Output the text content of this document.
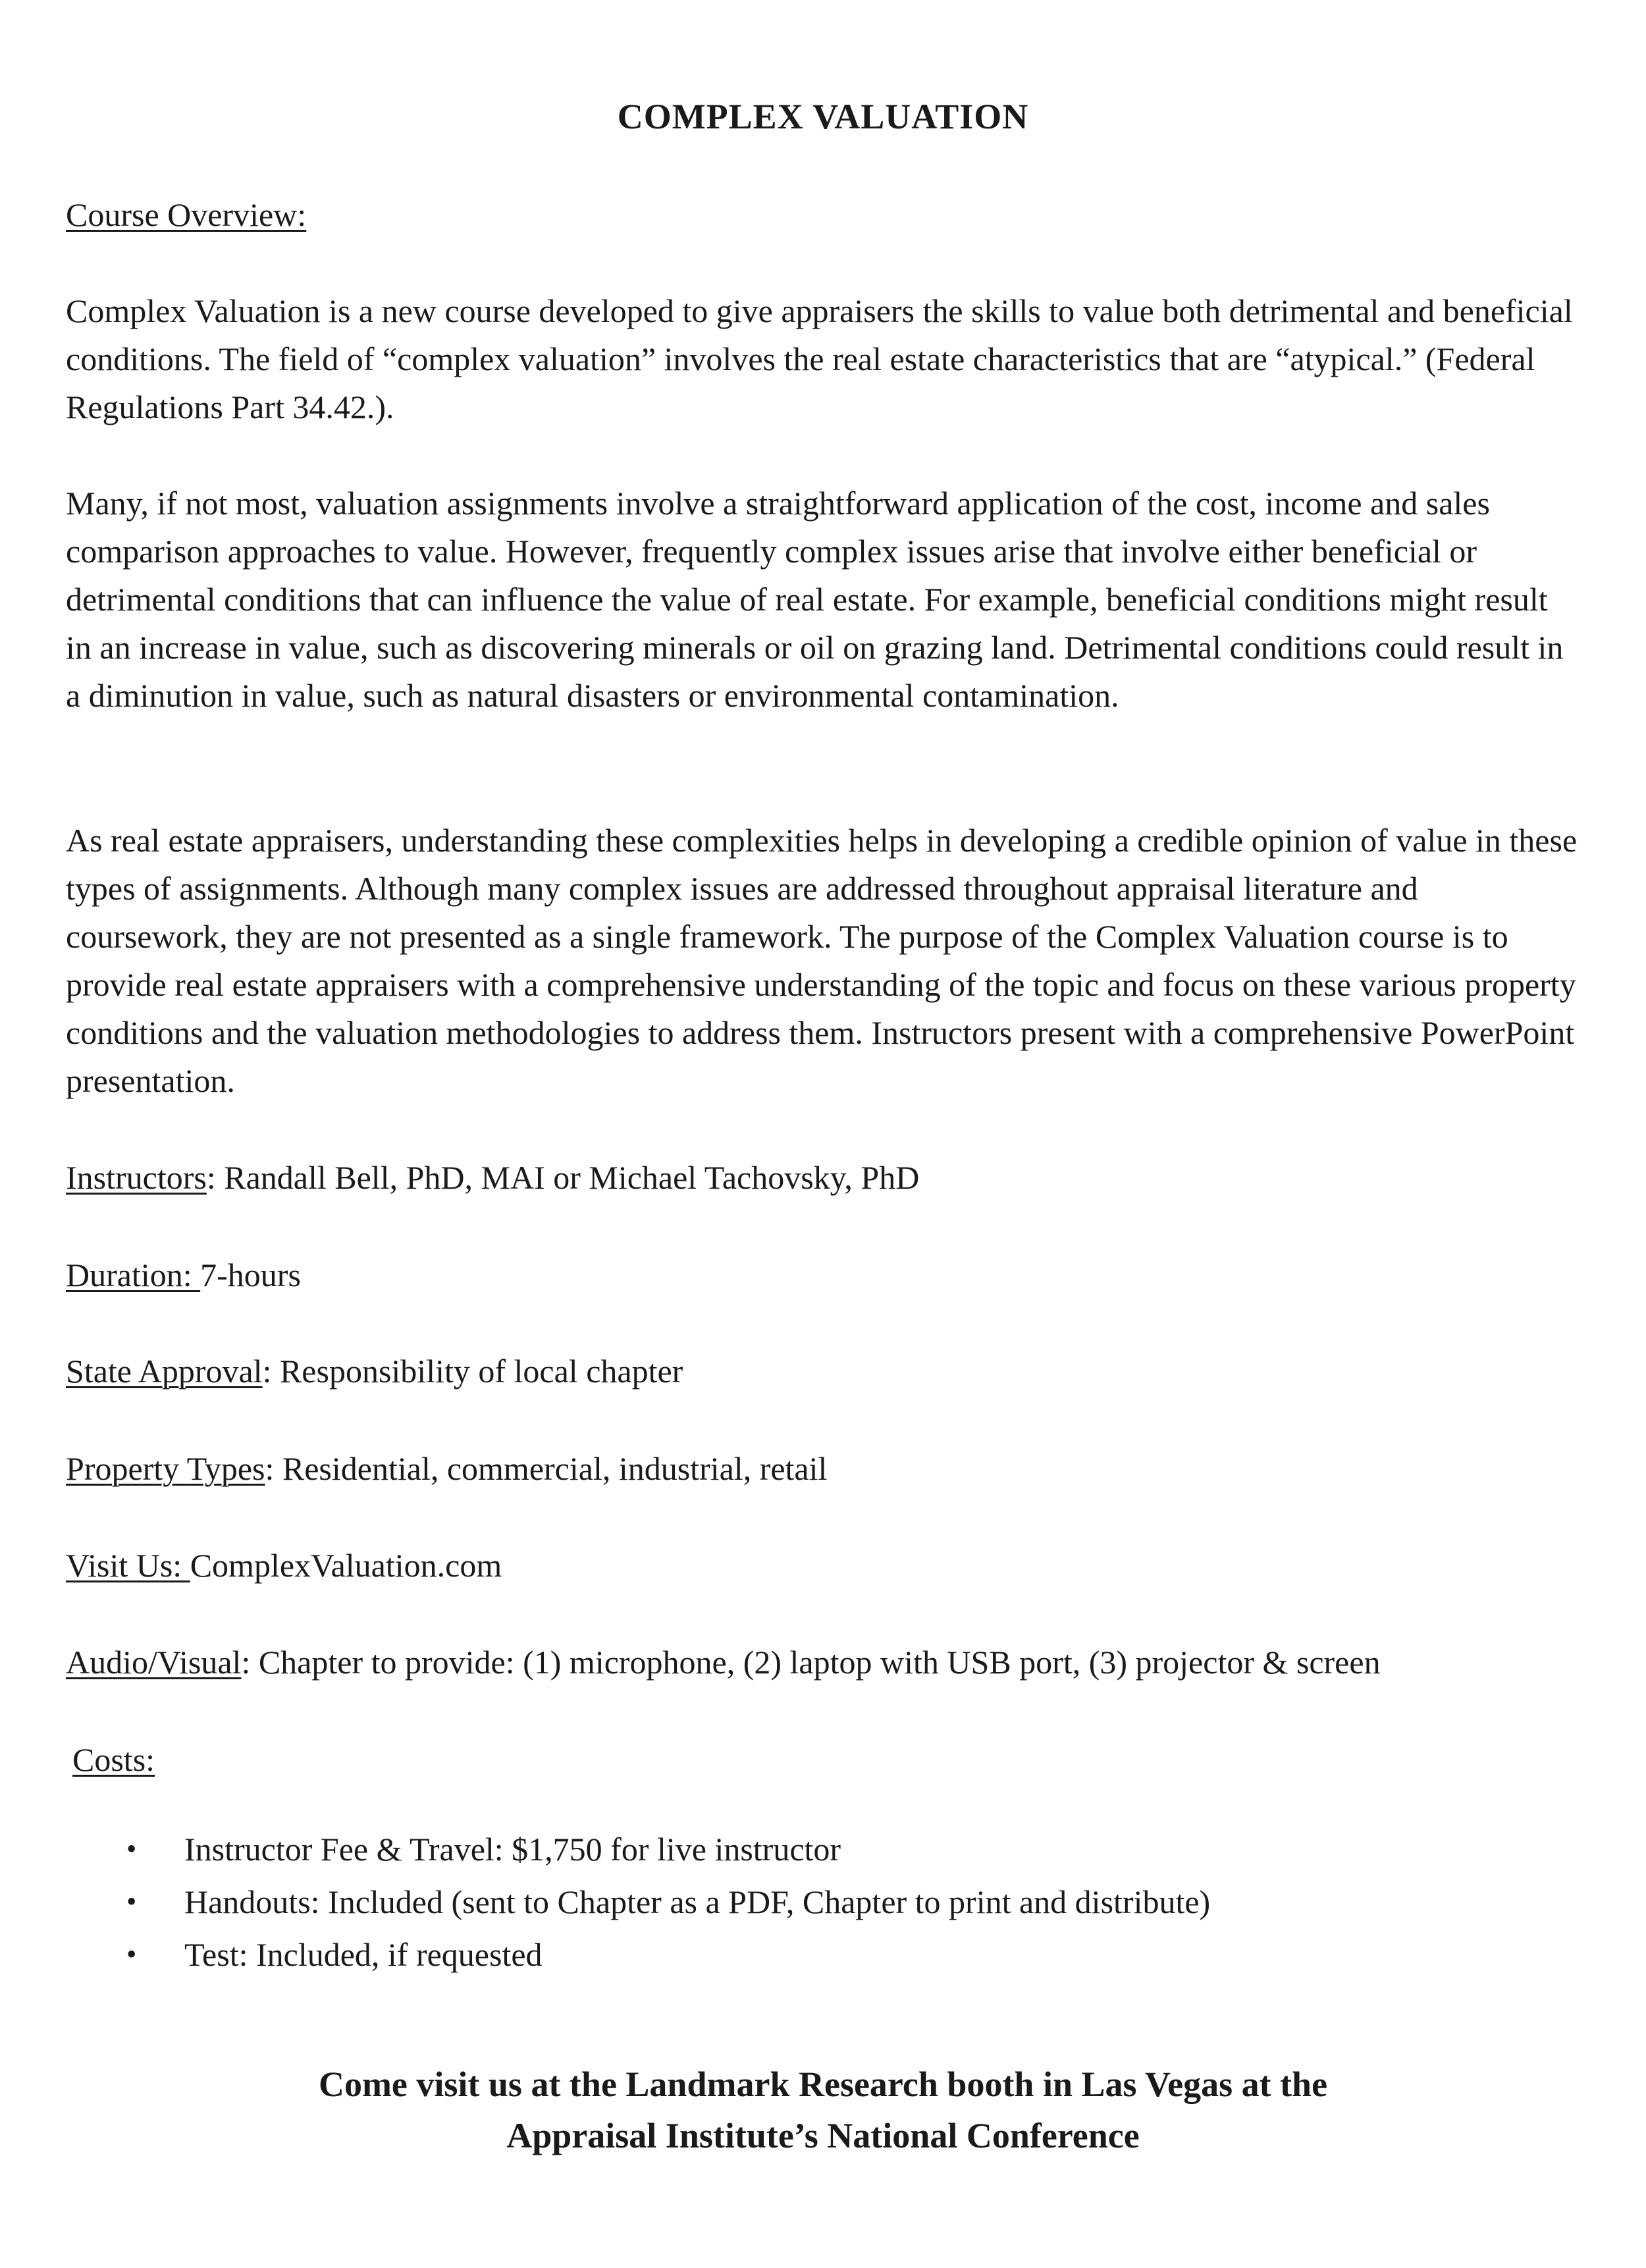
COMPLEX VALUATION
Course Overview:
Complex Valuation is a new course developed to give appraisers the skills to value both detrimental and beneficial conditions. The field of “complex valuation” involves the real estate characteristics that are “atypical.” (Federal Regulations Part 34.42.).
Many, if not most, valuation assignments involve a straightforward application of the cost, income and sales comparison approaches to value. However, frequently complex issues arise that involve either beneficial or detrimental conditions that can influence the value of real estate. For example, beneficial conditions might result in an increase in value, such as discovering minerals or oil on grazing land. Detrimental conditions could result in a diminution in value, such as natural disasters or environmental contamination.
As real estate appraisers, understanding these complexities helps in developing a credible opinion of value in these types of assignments. Although many complex issues are addressed throughout appraisal literature and coursework, they are not presented as a single framework. The purpose of the Complex Valuation course is to provide real estate appraisers with a comprehensive understanding of the topic and focus on these various property conditions and the valuation methodologies to address them. Instructors present with a comprehensive PowerPoint presentation.
Instructors: Randall Bell, PhD, MAI or Michael Tachovsky, PhD
Duration: 7-hours
State Approval: Responsibility of local chapter
Property Types: Residential, commercial, industrial, retail
Visit Us: ComplexValuation.com
Audio/Visual: Chapter to provide: (1) microphone, (2) laptop with USB port, (3) projector & screen
Costs:
• Instructor Fee & Travel: $1,750 for live instructor
• Handouts: Included (sent to Chapter as a PDF, Chapter to print and distribute)
• Test: Included, if requested
Come visit us at the Landmark Research booth in Las Vegas at the
Appraisal Institute’s National Conference
